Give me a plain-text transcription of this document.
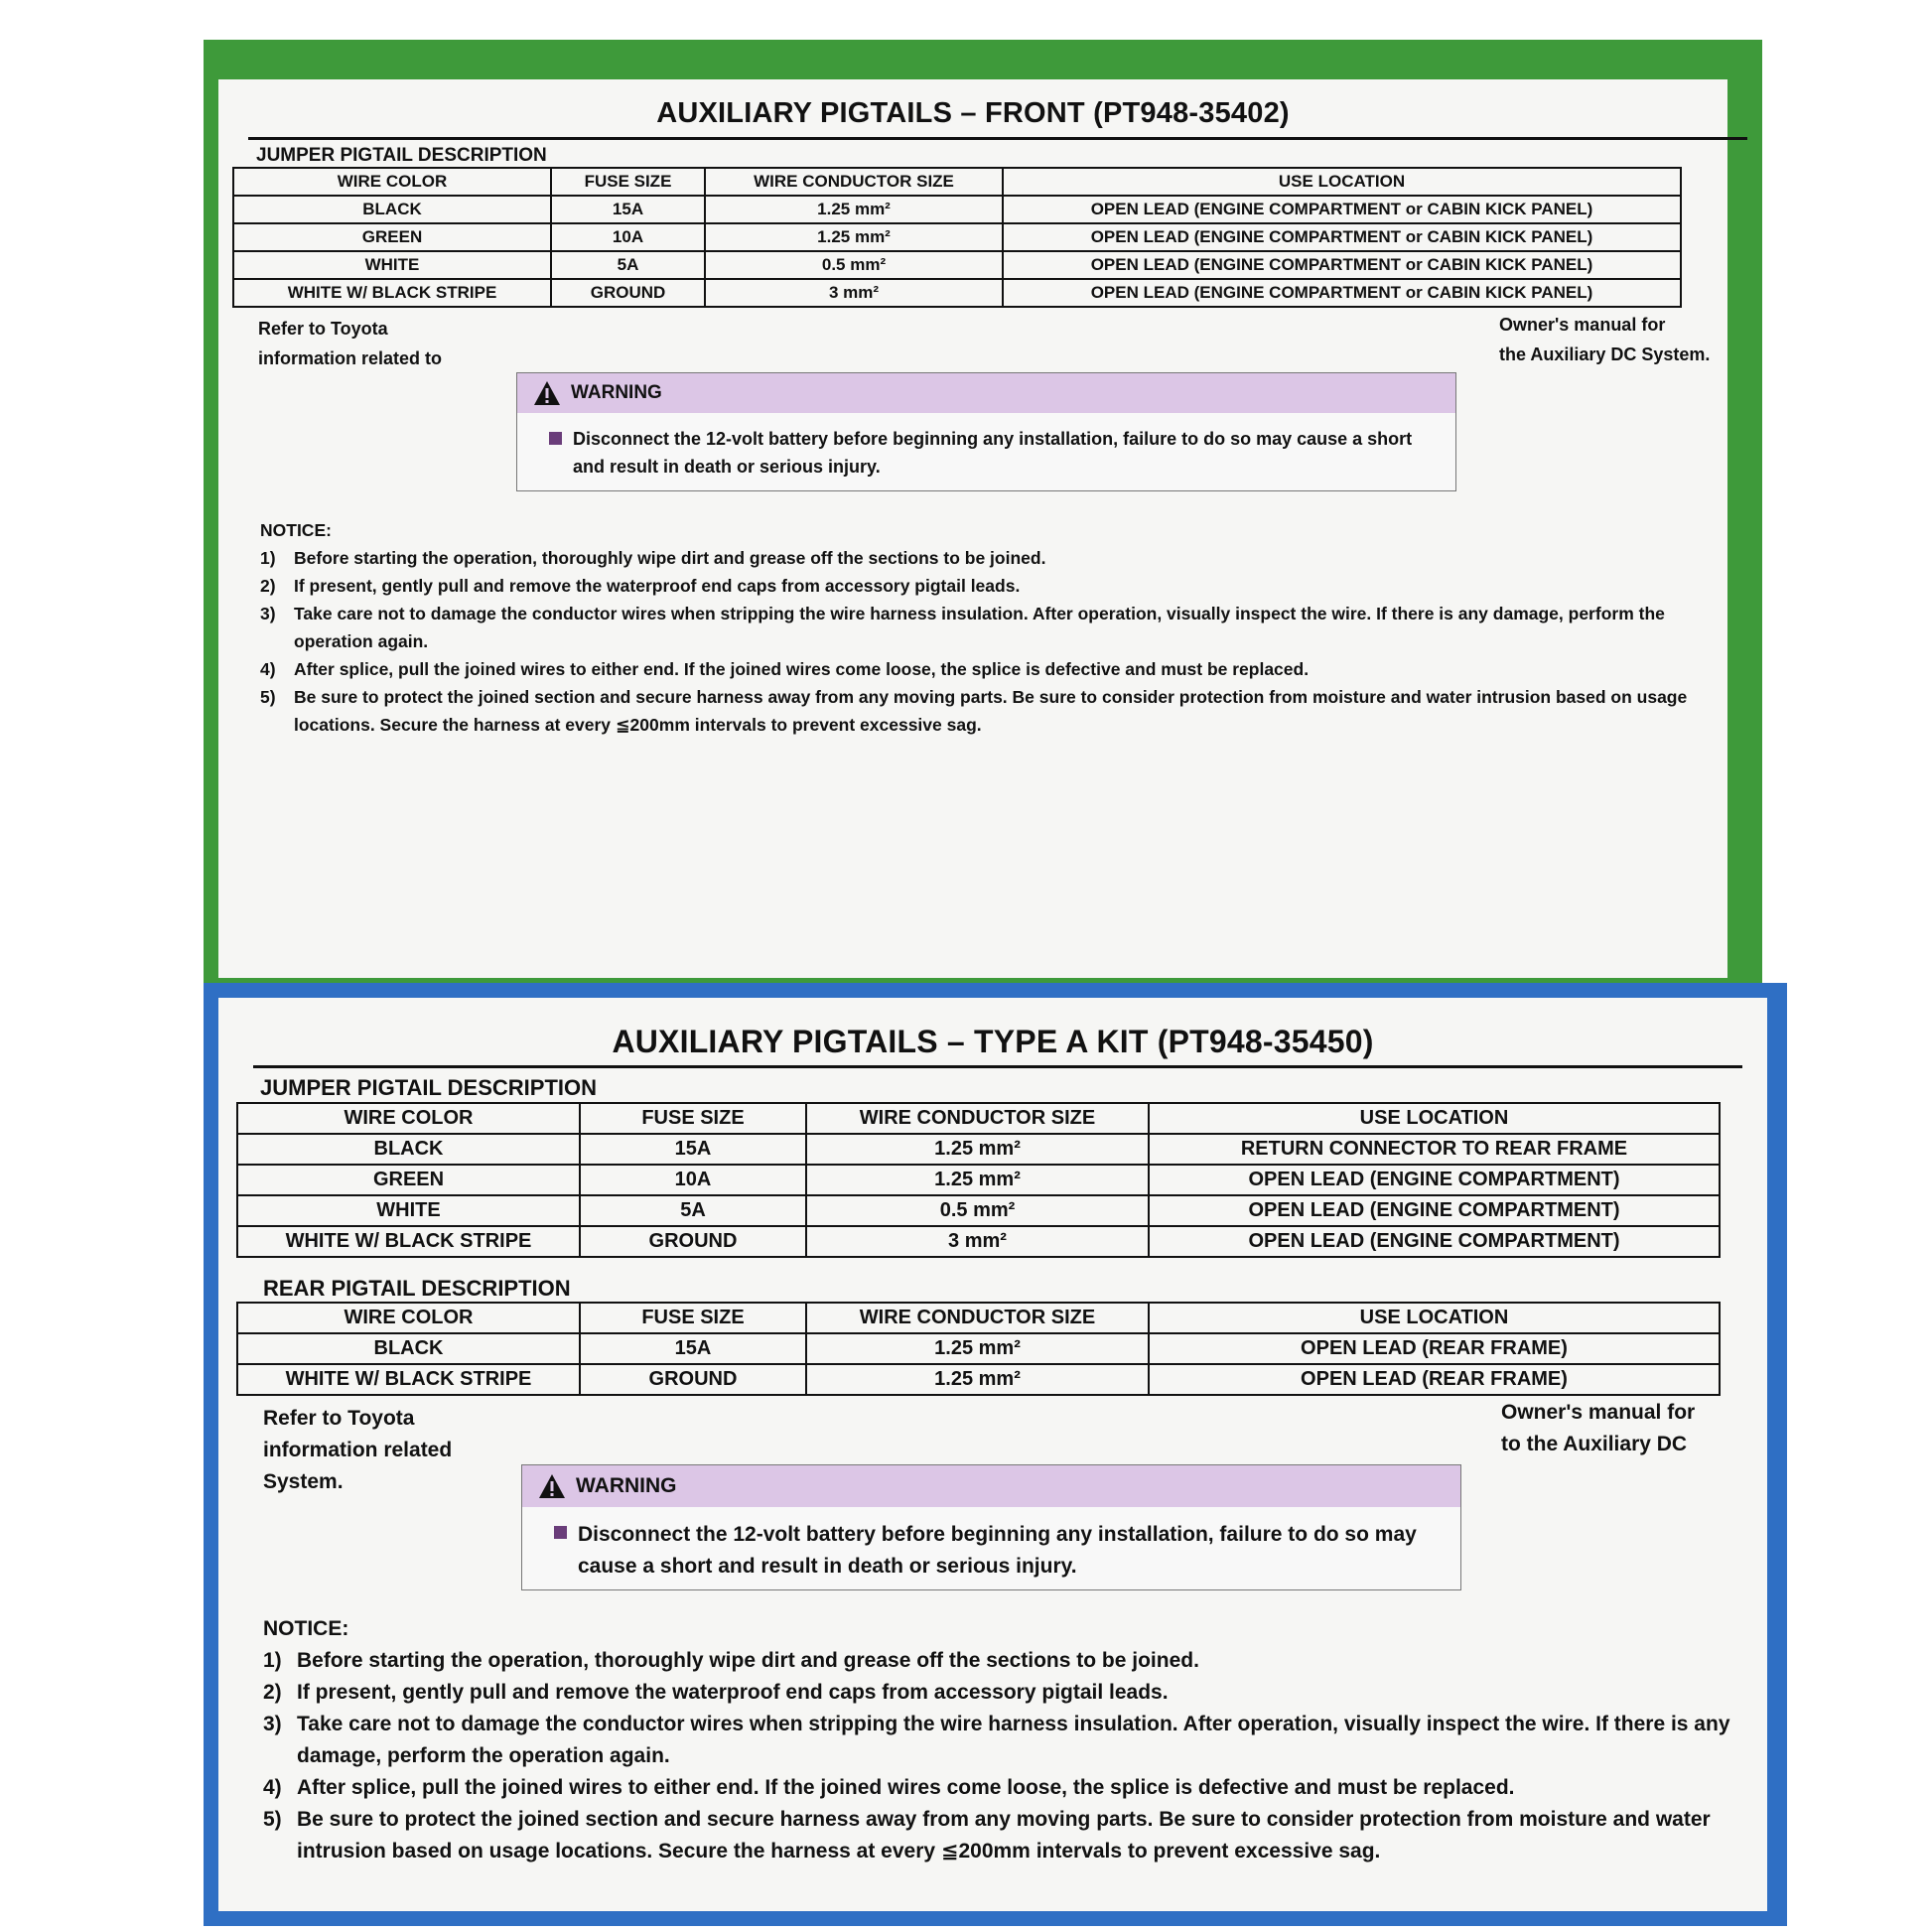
AUXILIARY PIGTAILS – FRONT (PT948-35402)
JUMPER PIGTAIL DESCRIPTION
WIRE COLOR	FUSE SIZE	WIRE CONDUCTOR SIZE	USE LOCATION
BLACK	15A	1.25 mm²	OPEN LEAD (ENGINE COMPARTMENT or CABIN KICK PANEL)
GREEN	10A	1.25 mm²	OPEN LEAD (ENGINE COMPARTMENT or CABIN KICK PANEL)
WHITE	5A	0.5 mm²	OPEN LEAD (ENGINE COMPARTMENT or CABIN KICK PANEL)
WHITE W/ BLACK STRIPE	GROUND	3 mm²	OPEN LEAD (ENGINE COMPARTMENT or CABIN KICK PANEL)
Refer to Toyota
information related to
Owner's manual for
the Auxiliary DC System.
WARNING
Disconnect the 12-volt battery before beginning any installation, failure to do so may cause a short and result in death or serious injury.
NOTICE:
1)	Before starting the operation, thoroughly wipe dirt and grease off the sections to be joined.
2)	If present, gently pull and remove the waterproof end caps from accessory pigtail leads.
3)	Take care not to damage the conductor wires when stripping the wire harness insulation. After operation, visually inspect the wire. If there is any damage, perform the operation again.
4)	After splice, pull the joined wires to either end. If the joined wires come loose, the splice is defective and must be replaced.
5)	Be sure to protect the joined section and secure harness away from any moving parts. Be sure to consider protection from moisture and water intrusion based on usage locations. Secure the harness at every ≦200mm intervals to prevent excessive sag.
AUXILIARY PIGTAILS – TYPE A KIT (PT948-35450)
JUMPER PIGTAIL DESCRIPTION
WIRE COLOR	FUSE SIZE	WIRE CONDUCTOR SIZE	USE LOCATION
BLACK	15A	1.25 mm²	RETURN CONNECTOR TO REAR FRAME
GREEN	10A	1.25 mm²	OPEN LEAD (ENGINE COMPARTMENT)
WHITE	5A	0.5 mm²	OPEN LEAD (ENGINE COMPARTMENT)
WHITE W/ BLACK STRIPE	GROUND	3 mm²	OPEN LEAD (ENGINE COMPARTMENT)
REAR PIGTAIL DESCRIPTION
WIRE COLOR	FUSE SIZE	WIRE CONDUCTOR SIZE	USE LOCATION
BLACK	15A	1.25 mm²	OPEN LEAD (REAR FRAME)
WHITE W/ BLACK STRIPE	GROUND	1.25 mm²	OPEN LEAD (REAR FRAME)
Refer to Toyota
information related
System.
Owner's manual for
to the Auxiliary DC
WARNING
Disconnect the 12-volt battery before beginning any installation, failure to do so may cause a short and result in death or serious injury.
NOTICE:
1) Before starting the operation, thoroughly wipe dirt and grease off the sections to be joined.
2) If present, gently pull and remove the waterproof end caps from accessory pigtail leads.
3) Take care not to damage the conductor wires when stripping the wire harness insulation. After operation, visually inspect the wire. If there is any damage, perform the operation again.
4) After splice, pull the joined wires to either end. If the joined wires come loose, the splice is defective and must be replaced.
5) Be sure to protect the joined section and secure harness away from any moving parts. Be sure to consider protection from moisture and water intrusion based on usage locations. Secure the harness at every ≦200mm intervals to prevent excessive sag.
